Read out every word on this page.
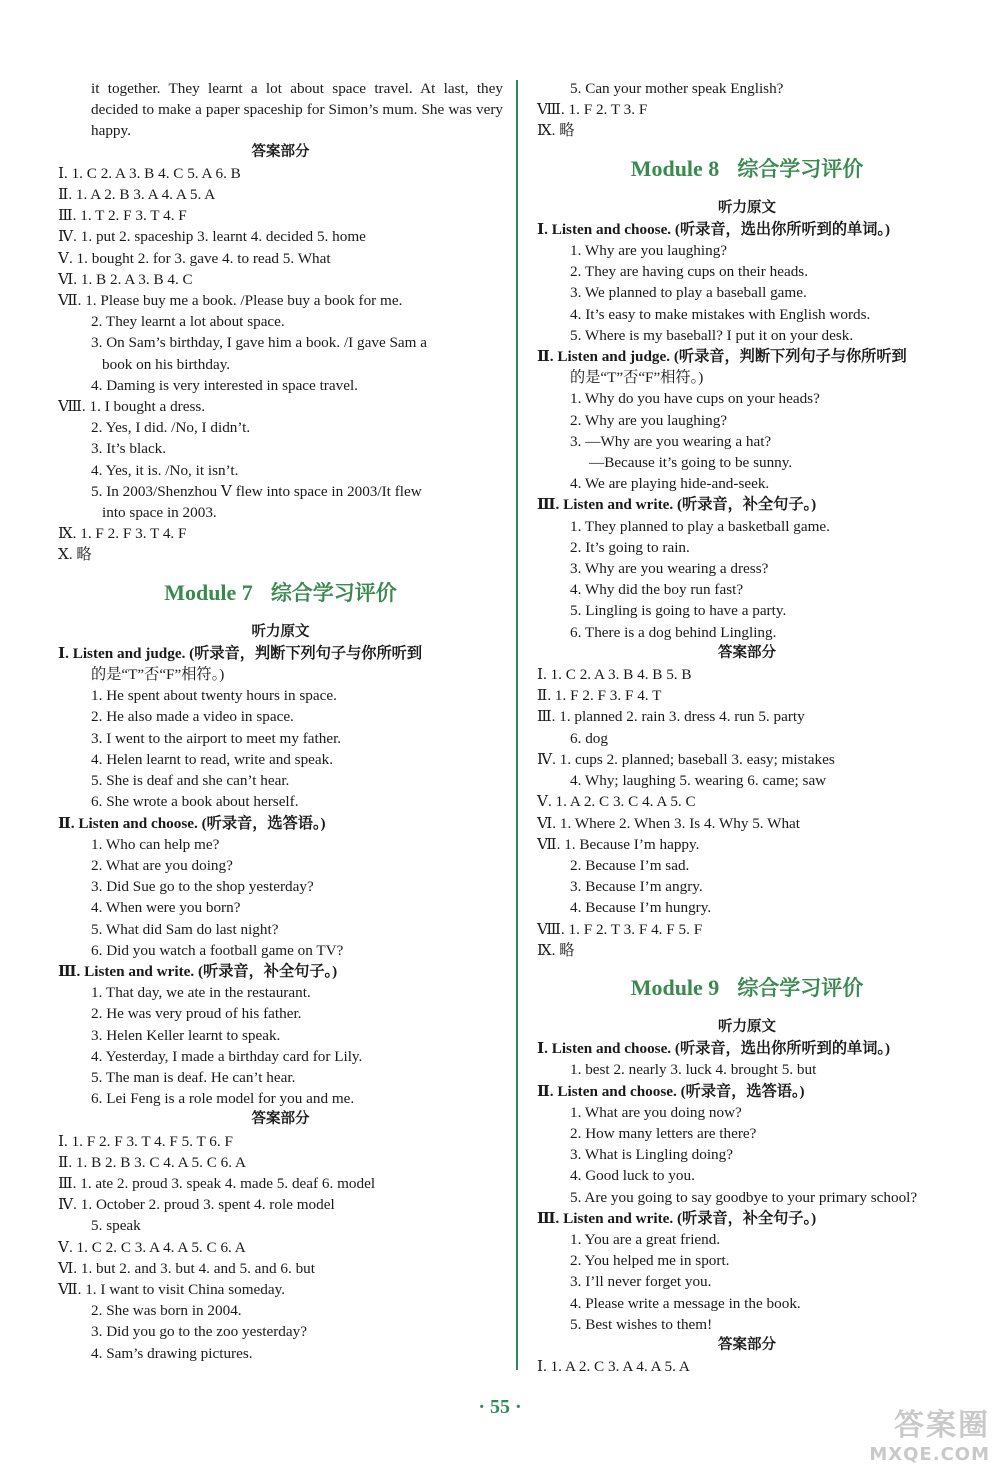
it together. They learnt a lot about space travel. At last, they decided to make a paper spaceship for Simon’s mum. She was very happy.
答案部分
Ⅰ. 1. C 2. A 3. B 4. C 5. A 6. B
Ⅱ. 1. A 2. B 3. A 4. A 5. A
Ⅲ. 1. T 2. F 3. T 4. F
Ⅳ. 1. put 2. spaceship 3. learnt 4. decided 5. home
Ⅴ. 1. bought 2. for 3. gave 4. to read 5. What
Ⅵ. 1. B 2. A 3. B 4. C
Ⅶ. 1. Please buy me a book. /Please buy a book for me.
2. They learnt a lot about space.
3. On Sam’s birthday, I gave him a book. /I gave Sam a
book on his birthday.
4. Daming is very interested in space travel.
Ⅷ. 1. I bought a dress.
2. Yes, I did. /No, I didn’t.
3. It’s black.
4. Yes, it is. /No, it isn’t.
5. In 2003/Shenzhou Ⅴ flew into space in 2003/It flew
into space in 2003.
Ⅸ. 1. F 2. F 3. T 4. F
Ⅹ. 略
Module 7 综合学习评价
听力原文
Ⅰ. Listen and judge. (听录音，判断下列句子与你所听到
的是“T”否“F”相符。)
1. He spent about twenty hours in space.
2. He also made a video in space.
3. I went to the airport to meet my father.
4. Helen learnt to read, write and speak.
5. She is deaf and she can’t hear.
6. She wrote a book about herself.
Ⅱ. Listen and choose. (听录音，选答语。)
1. Who can help me?
2. What are you doing?
3. Did Sue go to the shop yesterday?
4. When were you born?
5. What did Sam do last night?
6. Did you watch a football game on TV?
Ⅲ. Listen and write. (听录音，补全句子。)
1. That day, we ate in the restaurant.
2. He was very proud of his father.
3. Helen Keller learnt to speak.
4. Yesterday, I made a birthday card for Lily.
5. The man is deaf. He can’t hear.
6. Lei Feng is a role model for you and me.
答案部分
Ⅰ. 1. F 2. F 3. T 4. F 5. T 6. F
Ⅱ. 1. B 2. B 3. C 4. A 5. C 6. A
Ⅲ. 1. ate 2. proud 3. speak 4. made 5. deaf 6. model
Ⅳ. 1. October 2. proud 3. spent 4. role model
5. speak
Ⅴ. 1. C 2. C 3. A 4. A 5. C 6. A
Ⅵ. 1. but 2. and 3. but 4. and 5. and 6. but
Ⅶ. 1. I want to visit China someday.
2. She was born in 2004.
3. Did you go to the zoo yesterday?
4. Sam’s drawing pictures.
5. Can your mother speak English?
Ⅷ. 1. F 2. T 3. F
Ⅸ. 略
Module 8 综合学习评价
听力原文
Ⅰ. Listen and choose. (听录音，选出你所听到的单词。)
1. Why are you laughing?
2. They are having cups on their heads.
3. We planned to play a baseball game.
4. It’s easy to make mistakes with English words.
5. Where is my baseball? I put it on your desk.
Ⅱ. Listen and judge. (听录音，判断下列句子与你所听到
的是“T”否“F”相符。)
1. Why do you have cups on your heads?
2. Why are you laughing?
3. —Why are you wearing a hat?
—Because it’s going to be sunny.
4. We are playing hide-and-seek.
Ⅲ. Listen and write. (听录音，补全句子。)
1. They planned to play a basketball game.
2. It’s going to rain.
3. Why are you wearing a dress?
4. Why did the boy run fast?
5. Lingling is going to have a party.
6. There is a dog behind Lingling.
答案部分
Ⅰ. 1. C 2. A 3. B 4. B 5. B
Ⅱ. 1. F 2. F 3. F 4. T
Ⅲ. 1. planned 2. rain 3. dress 4. run 5. party
6. dog
Ⅳ. 1. cups 2. planned; baseball 3. easy; mistakes
4. Why; laughing 5. wearing 6. came; saw
Ⅴ. 1. A 2. C 3. C 4. A 5. C
Ⅵ. 1. Where 2. When 3. Is 4. Why 5. What
Ⅶ. 1. Because I’m happy.
2. Because I’m sad.
3. Because I’m angry.
4. Because I’m hungry.
Ⅷ. 1. F 2. T 3. F 4. F 5. F
Ⅸ. 略
Module 9 综合学习评价
听力原文
Ⅰ. Listen and choose. (听录音，选出你所听到的单词。)
1. best 2. nearly 3. luck 4. brought 5. but
Ⅱ. Listen and choose. (听录音，选答语。)
1. What are you doing now?
2. How many letters are there?
3. What is Lingling doing?
4. Good luck to you.
5. Are you going to say goodbye to your primary school?
Ⅲ. Listen and write. (听录音，补全句子。)
1. You are a great friend.
2. You helped me in sport.
3. I’ll never forget you.
4. Please write a message in the book.
5. Best wishes to them!
答案部分
Ⅰ. 1. A 2. C 3. A 4. A 5. A
· 55 ·
答案圈
MXQE.COM
